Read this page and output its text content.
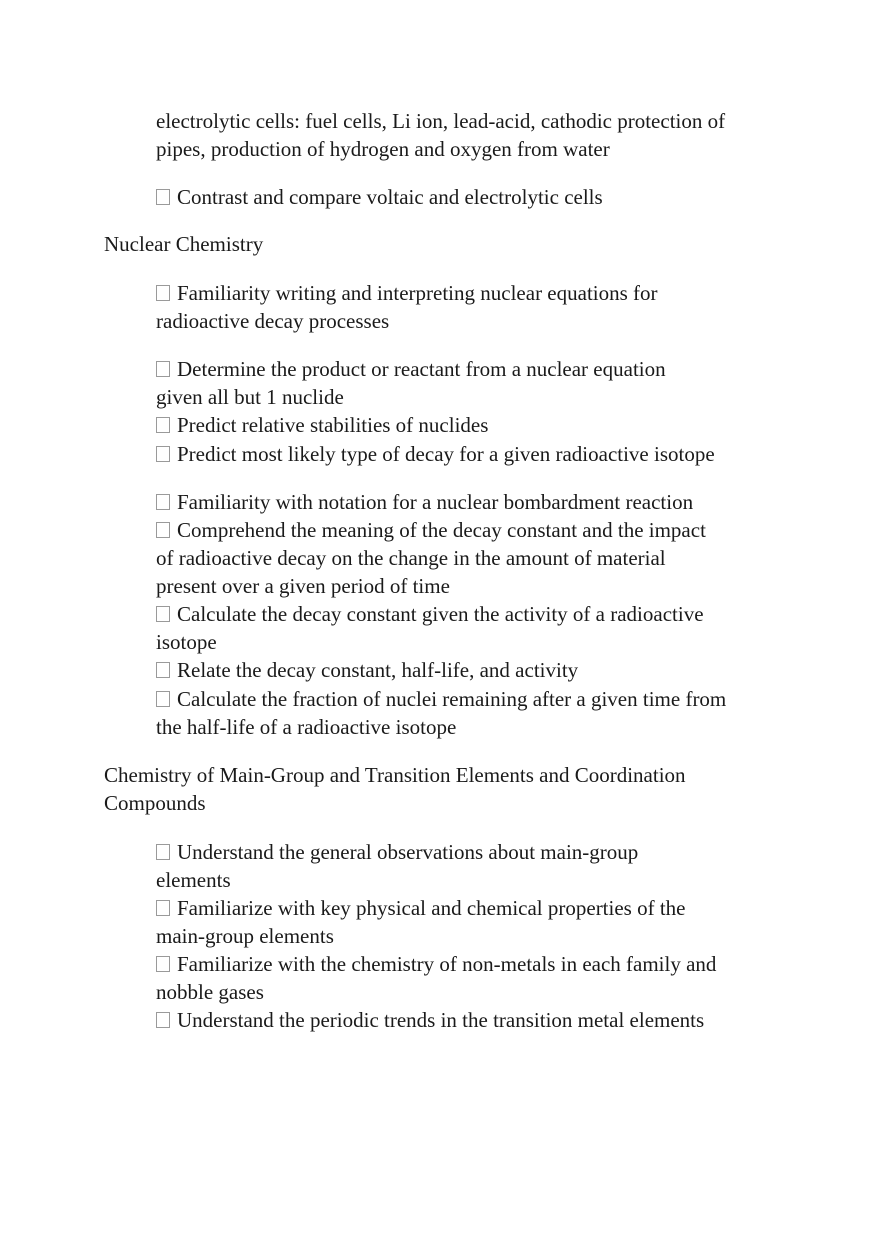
electrolytic cells: fuel cells, Li ion, lead-acid, cathodic protection of
pipes, production of hydrogen and oxygen from water
Contrast and compare voltaic and electrolytic cells
Nuclear Chemistry
Familiarity writing and interpreting nuclear equations for
radioactive decay processes
Determine the product or reactant from a nuclear equation
given all but 1 nuclide
Predict relative stabilities of nuclides
Predict most likely type of decay for a given radioactive isotope
Familiarity with notation for a nuclear bombardment reaction
Comprehend the meaning of the decay constant and the impact
of radioactive decay on the change in the amount of material
present over a given period of time
Calculate the decay constant given the activity of a radioactive
isotope
Relate the decay constant, half-life, and activity
Calculate the fraction of nuclei remaining after a given time from
the half-life of a radioactive isotope
Chemistry of Main-Group and Transition Elements and Coordination
Compounds
Understand the general observations about main-group
elements
Familiarize with key physical and chemical properties of the
main-group elements
Familiarize with the chemistry of non-metals in each family and
nobble gases
Understand the periodic trends in the transition metal elements
